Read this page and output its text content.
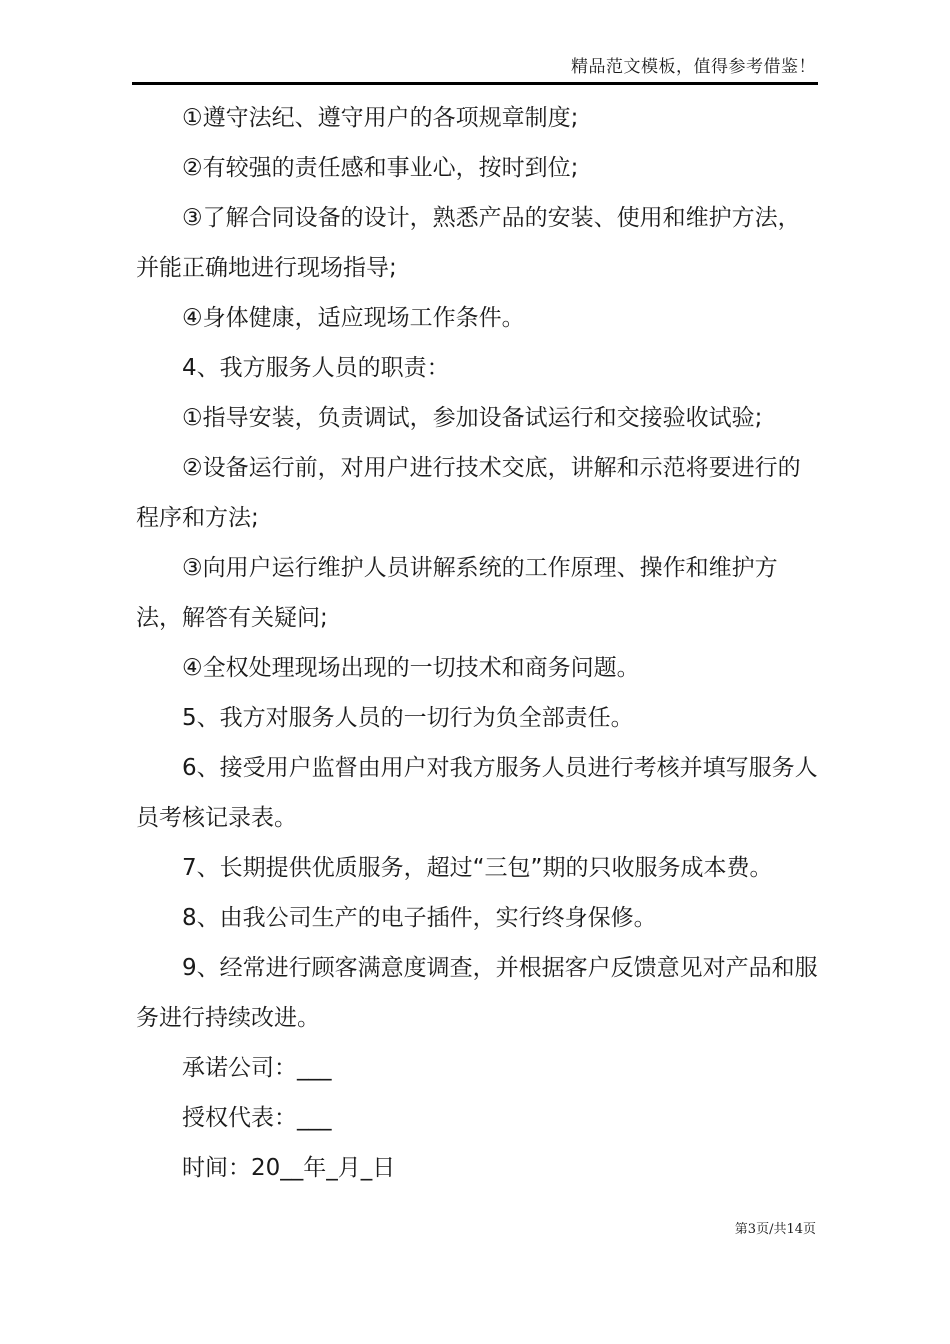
精品范文模板，值得参考借鉴！

①遵守法纪、遵守用户的各项规章制度;

②有较强的责任感和事业心，按时到位;

③了解合同设备的设计，熟悉产品的安装、使用和维护方法，并能正确地进行现场指导;

④身体健康，适应现场工作条件。

4、我方服务人员的职责：

①指导安装，负责调试，参加设备试运行和交接验收试验;

②设备运行前，对用户进行技术交底，讲解和示范将要进行的程序和方法;

③向用户运行维护人员讲解系统的工作原理、操作和维护方法，解答有关疑问;

④全权处理现场出现的一切技术和商务问题。

5、我方对服务人员的一切行为负全部责任。

6、接受用户监督由用户对我方服务人员进行考核并填写服务人员考核记录表。

7、长期提供优质服务，超过“三包”期的只收服务成本费。

8、由我公司生产的电子插件，实行终身保修。

9、经常进行顾客满意度调查，并根据客户反馈意见对产品和服务进行持续改进。

承诺公司：___

授权代表：___

时间：20__年_月_日

第3页/共14页
